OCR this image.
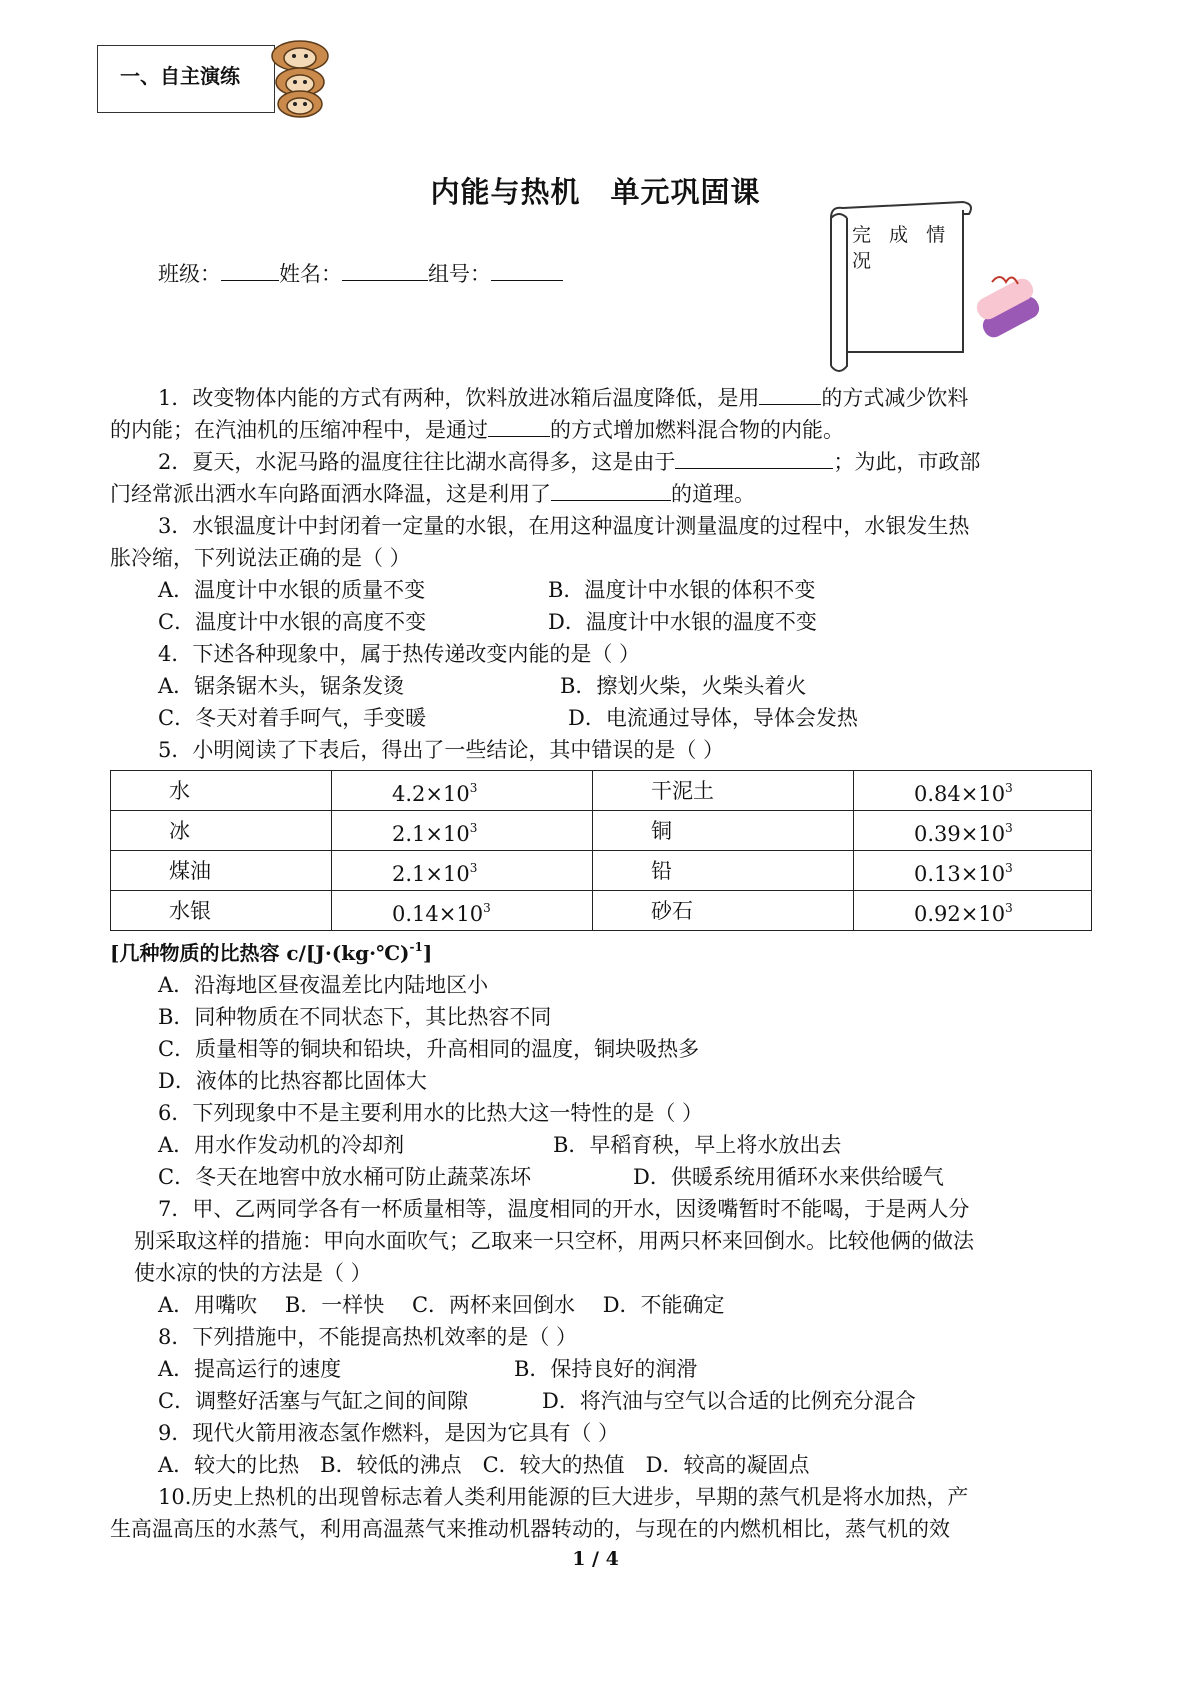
一、自主演练
内能与热机　单元巩固课
班级：	姓名：	组号：
完 成 情 况

1．改变物体内能的方式有两种，饮料放进冰箱后温度降低，是用	的方式减少饮料

的内能；在汽油机的压缩冲程中，是通过	的方式增加燃料混合物的内能。

2．夏天，水泥马路的温度往往比湖水高得多，这是由于	；为此，市政部

门经常派出洒水车向路面洒水降温，这是利用了	的道理。

3．水银温度计中封闭着一定量的水银，在用这种温度计测量温度的过程中，水银发生热

胀冷缩，下列说法正确的是（ ）

A．温度计中水银的质量不变	B．温度计中水银的体积不变
C．温度计中水银的高度不变	D．温度计中水银的温度不变

4．下述各种现象中，属于热传递改变内能的是（ ）

A．锯条锯木头，锯条发烫	B．擦划火柴，火柴头着火
C．冬天对着手呵气，手变暖	D．电流通过导体，导体会发热

5．小明阅读了下表后，得出了一些结论，其中错误的是（ ）

水	$4.2\times 10^3$	干泥土	$0.84\times 10^3$
冰	$2.1\times 10^3$	铜	$0.39\times 10^3$
煤油	$2.1\times 10^3$	铅	$0.13\times 10^3$
水银	$0.14\times 10^3$	砂石	$0.92\times 10^3$

[几种物质的比热容 c/[J·(kg·℃)$^{-1}$]

A．沿海地区昼夜温差比内陆地区小

B．同种物质在不同状态下，其比热容不同

C．质量相等的铜块和铅块，升高相同的温度，铜块吸热多

D．液体的比热容都比固体大

6．下列现象中不是主要利用水的比热大这一特性的是（ ）

A．用水作发动机的冷却剂	B．早稻育秧，早上将水放出去
C．冬天在地窖中放水桶可防止蔬菜冻坏	D．供暖系统用循环水来供给暖气

7．甲、乙两同学各有一杯质量相等，温度相同的开水，因烫嘴暂时不能喝，于是两人分

别采取这样的措施：甲向水面吹气；乙取来一只空杯，用两只杯来回倒水。比较他俩的做法

使水凉的快的方法是（ ）

A．用嘴吹　 B．一样快　 C．两杯来回倒水　 D．不能确定

8．下列措施中，不能提高热机效率的是（ ）

A．提高运行的速度	B．保持良好的润滑
C．调整好活塞与气缸之间的间隙	D．将汽油与空气以合适的比例充分混合

9．现代火箭用液态氢作燃料，是因为它具有（ ）

A．较大的比热　B．较低的沸点　C．较大的热值　D．较高的凝固点

10.历史上热机的出现曾标志着人类利用能源的巨大进步，早期的蒸气机是将水加热，产

生高温高压的水蒸气，利用高温蒸气来推动机器转动的，与现在的内燃机相比，蒸气机的效

1 / 4
